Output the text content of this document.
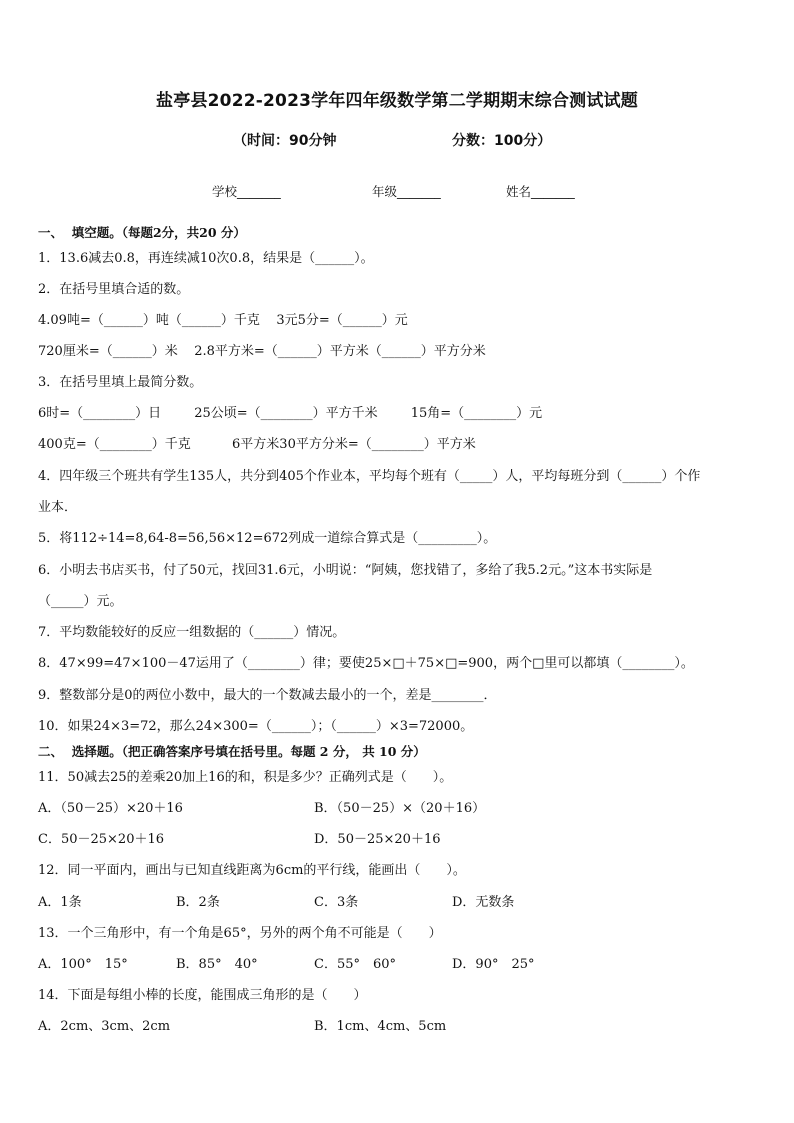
盐亭县2022-2023学年四年级数学第二学期期末综合测试试题
（时间：90分钟	分数：100分）
学校_______	年级_______	姓名_______
一、  填空题。（每题2分，共20 分）
1．13.6减去0.8，再连续减10次0.8，结果是（______）。
2．在括号里填合适的数。
4.09吨=（______）吨（______）千克    3元5分=（______）元
720厘米=（______）米    2.8平方米=（______）平方米（______）平方分米
3．在括号里填上最简分数。
6时=（________）日        25公顷=（________）平方千米        15角=（________）元
400克=（________）千克          6平方米30平方分米=（________）平方米
4．四年级三个班共有学生135人，共分到405个作业本，平均每个班有（_____）人，平均每班分到（______）个作
业本．
5．将112÷14=8,64-8=56,56×12=672列成一道综合算式是（_________）。
6．小明去书店买书，付了50元，找回31.6元，小明说：“阿姨，您找错了，多给了我5.2元。”这本书实际是
（_____）元。
7．平均数能较好的反应一组数据的（______）情况。
8．47×99=47×100－47运用了（________）律；要使25×□＋75×□=900，两个□里可以都填（________）。
9．整数部分是0的两位小数中，最大的一个数减去最小的一个，差是________．
10．如果24×3=72，那么24×300=（______）；（______）×3=72000。
二、  选择题。（把正确答案序号填在括号里。每题 2 分， 共 10 分）
11．50减去25的差乘20加上16的和，积是多少？正确列式是（　　）。
A．（50－25）×20＋16	B．（50－25）×（20＋16）
C．50－25×20＋16	D．50－25×20＋16
12．同一平面内，画出与已知直线距离为6cm的平行线，能画出（　　）。
A．1条	B．2条	C．3条	D．无数条
13．一个三角形中，有一个角是65°，另外的两个角不可能是（　　）
A．100°　15°	B．85°　40°	C．55°　60°	D．90°　25°
14．下面是每组小棒的长度，能围成三角形的是（　　）
A．2cm、3cm、2cm	B．1cm、4cm、5cm
